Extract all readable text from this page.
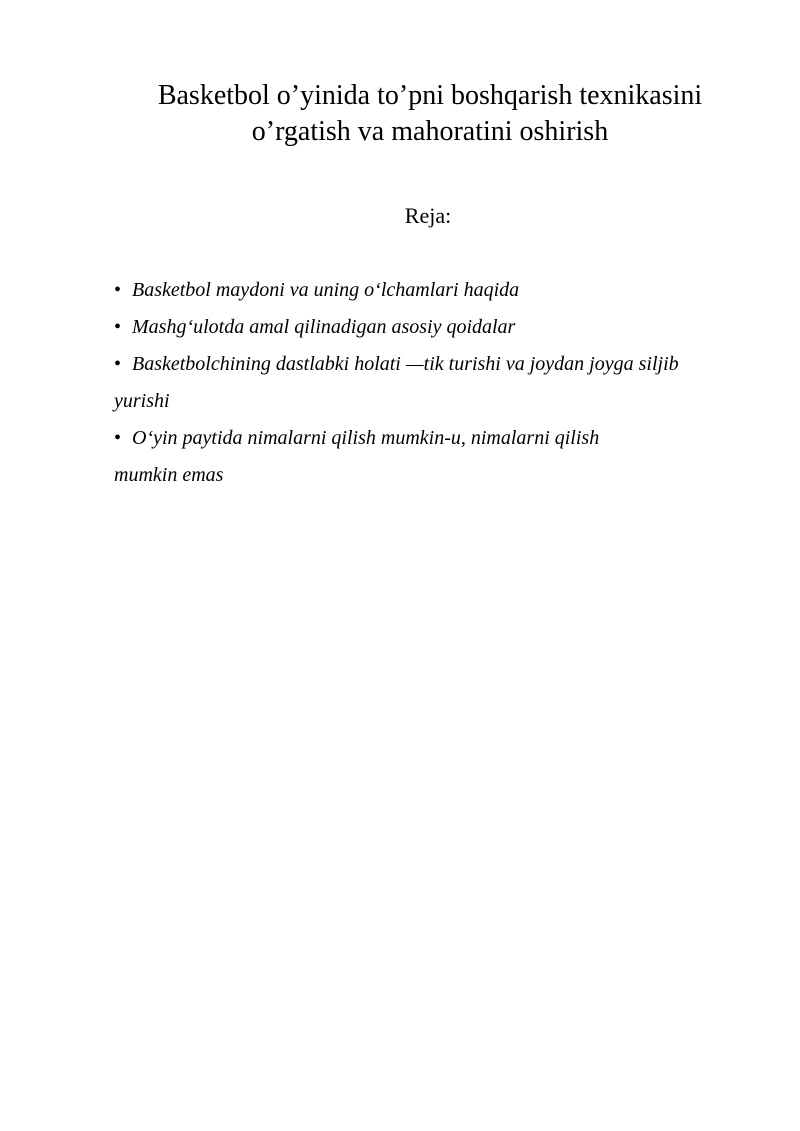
Basketbol o’yinida to’pni boshqarish texnikasini
o’rgatish va mahoratini oshirish
Reja:
• Basketbol maydoni va uning o‘lchamlari haqida
• Mashg‘ulotda amal qilinadigan asosiy qoidalar
• Basketbolchining dastlabki holati —tik turishi va joydan joyga siljib
yurishi
• O‘yin paytida nimalarni qilish mumkin-u, nimalarni qilish
mumkin emas
